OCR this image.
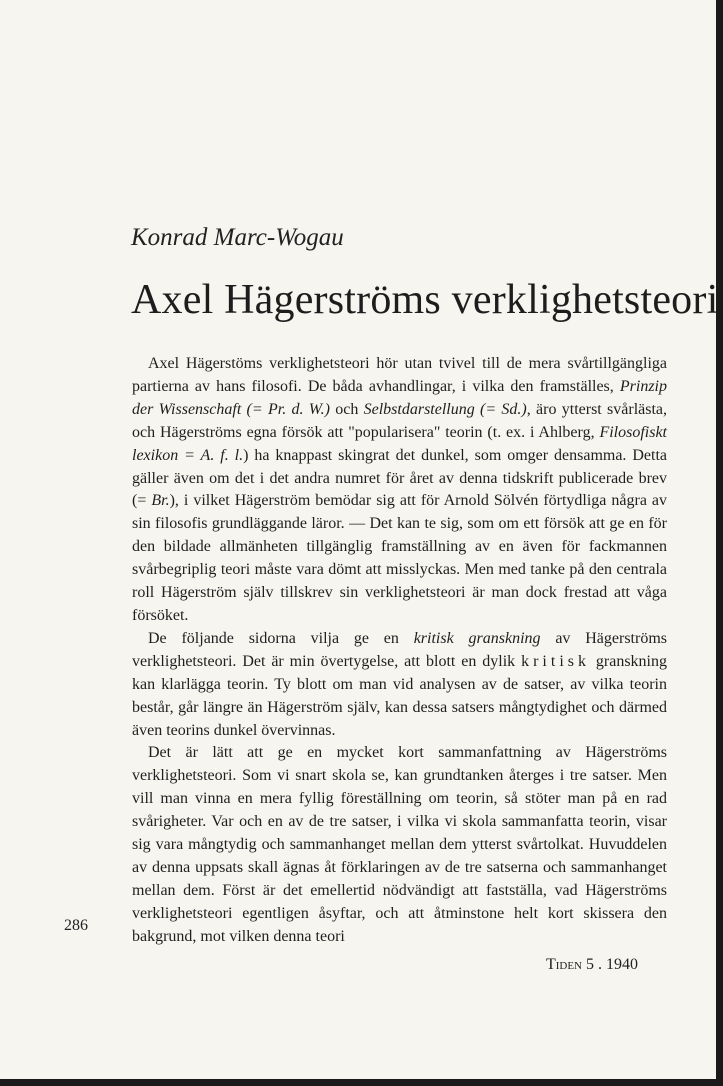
Konrad Marc-Wogau
Axel Hägerströms verklighetsteori

Axel Hägerstöms verklighetsteori hör utan tvivel till de mera svårtillgängliga partierna av hans filosofi. De båda avhandlingar, i vilka den framställes, Prinzip der Wissenschaft (= Pr. d. W.) och Selbstdarstellung (= Sd.), äro ytterst svårlästa, och Hägerströms egna försök att "popularisera" teorin (t. ex. i Ahlberg, Filosofiskt lexikon = A. f. l.) ha knappast skingrat det dunkel, som omger densamma. Detta gäller även om det i det andra numret för året av denna tidskrift publicerade brev (= Br.), i vilket Hägerström bemödar sig att för Arnold Sölvén förtydliga några av sin filosofis grundläggande läror. — Det kan te sig, som om ett försök att ge en för den bildade allmänheten tillgänglig framställning av en även för fackmannen svårbegriplig teori måste vara dömt att misslyckas. Men med tanke på den centrala roll Hägerström själv tillskrev sin verklighetsteori är man dock frestad att våga försöket.

De följande sidorna vilja ge en kritisk granskning av Hägerströms verklighetsteori. Det är min övertygelse, att blott en dylik kritisk granskning kan klarlägga teorin. Ty blott om man vid analysen av de satser, av vilka teorin består, går längre än Hägerström själv, kan dessa satsers mångtydighet och därmed även teorins dunkel övervinnas.

Det är lätt att ge en mycket kort sammanfattning av Hägerströms verklighetsteori. Som vi snart skola se, kan grundtanken återges i tre satser. Men vill man vinna en mera fyllig föreställning om teorin, så stöter man på en rad svårigheter. Var och en av de tre satser, i vilka vi skola sammanfatta teorin, visar sig vara mångtydig och sammanhanget mellan dem ytterst svårtolkat. Huvuddelen av denna uppsats skall ägnas åt förklaringen av de tre satserna och sammanhanget mellan dem. Först är det emellertid nödvändigt att fastställa, vad Hägerströms verklighetsteori egentligen åsyftar, och att åtminstone helt kort skissera den bakgrund, mot vilken denna teori

286
Tiden 5 . 1940
